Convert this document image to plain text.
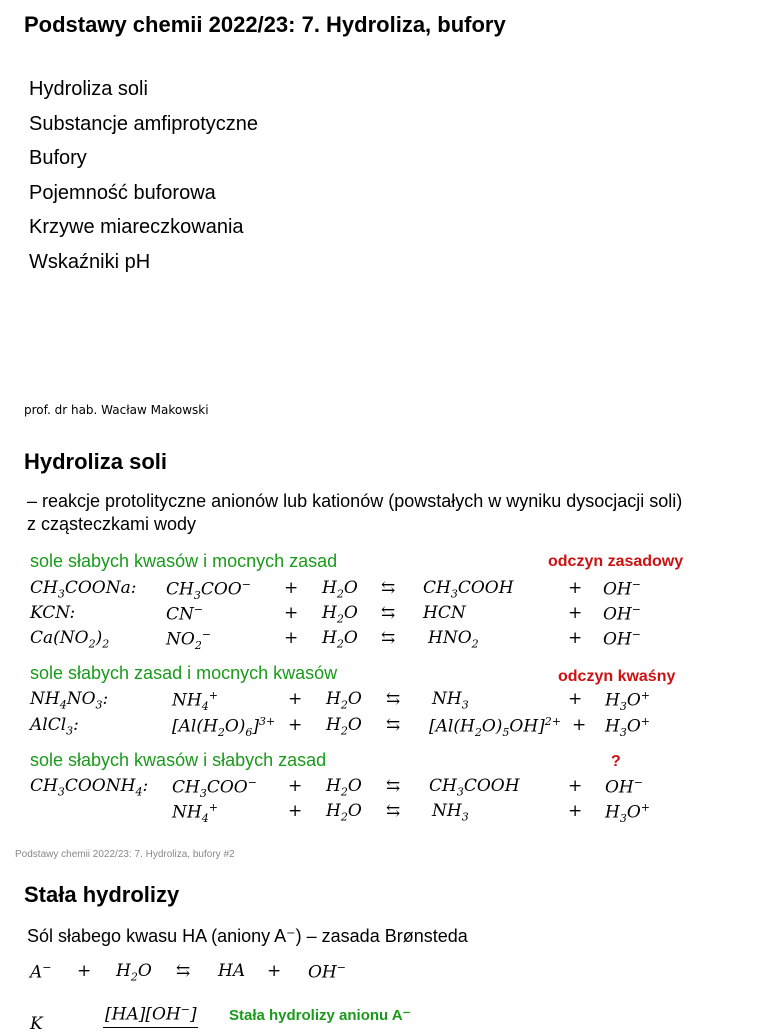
Podstawy chemii 2022/23: 7. Hydroliza, bufory
Hydroliza soli
Substancje amfiprotyczne
Bufory
Pojemność buforowa
Krzywe miareczkowania
Wskaźniki pH
prof. dr hab. Wacław Makowski
Hydroliza soli
– reakcje protolityczne anionów lub kationów (powstałych w wyniku dysocjacji soli)
z cząsteczkami wody
sole słabych kwasów i mocnych zasad	odczyn zasadowy
$CH_3COONa$: $CH_3COO^- + H_2O$ ⇆ $CH_3COOH$	+ OH−
KCN:	CN−	+ $H_2O$ ⇆ HCN	+ OH−
$Ca(NO_2)_2$	$NO_2^-$	+ $H_2O$ ⇆ $HNO_2$	+ OH−
sole słabych zasad i mocnych kwasów	odczyn kwaśny
$NH_4NO_3$:	$NH_4^+$	+ $H_2O$ ⇆ $NH_3$	+ $H_3O^+$
AlCl$_3$:	$[Al(H_2O)_6]^{3+} + H_2O$ ⇆ $[Al(H_2O)_5OH]^{2+} + H_3O^+$
sole słabych kwasów i słabych zasad	?
$CH_3COONH_4$: $CH_3COO^- + H_2O$ ⇆ $CH_3COOH$	+ OH−
$NH_4^+$	+ $H_2O$ ⇆ $NH_3$	+ $H_3O^+$
Podstawy chemii 2022/23: 7. Hydroliza, bufory #2
Stała hydrolizy
Sól słabego kwasu HA (aniony A⁻) – zasada Brønsteda
$A^- + H_2O$ ⇆ HA + OH−
K	[HA][OH−] Stała hydrolizy anionu A⁻
